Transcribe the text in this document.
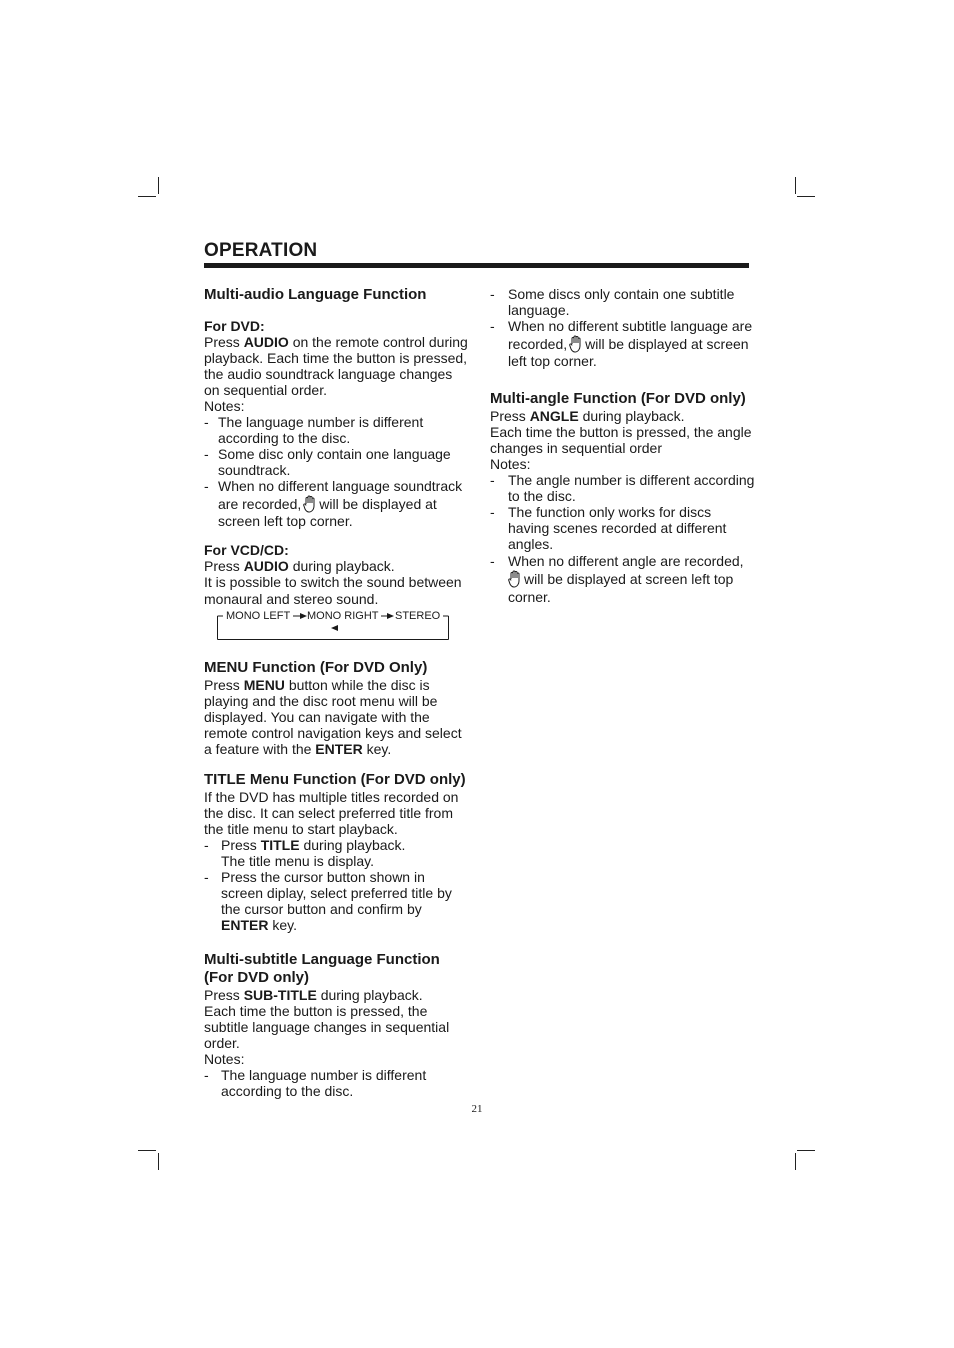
OPERATION
Multi-audio Language Function
For DVD:

Press AUDIO on the remote control during playback. Each time the button is pressed, the audio soundtrack language changes on sequential order.

Notes:
- The language number is different according to the disc.
- Some disc only contain one language soundtrack.
- When no different language soundtrack are recorded, will be displayed at screen left top corner.
For VCD/CD:

Press AUDIO during playback.

It is possible to switch the sound between monaural and stereo sound.

MONO LEFT MONO RIGHT STEREO
MENU Function (For DVD Only)

Press MENU button while the disc is playing and the disc root menu will be displayed. You can navigate with the remote control navigation keys and select a feature with the ENTER key.

TITLE Menu Function (For DVD only)

If the DVD has multiple titles recorded on the disc. It can select preferred title from the title menu to start playback.

- Press TITLE during playback.
The title menu is display.
- Press the cursor button shown in screen diplay, select preferred title by the cursor button and confirm by ENTER key.
Multi-subtitle Language Function
(For DVD only)

Press SUB-TITLE during playback.

Each time the button is pressed, the subtitle language changes in sequential order.

Notes:
- The language number is different according to the disc.
- Some discs only contain one subtitle language.
- When no different subtitle language are recorded, will be displayed at screen left top corner.
Multi-angle Function (For DVD only)

Press ANGLE during playback.

Each time the button is pressed, the angle changes in sequential order

Notes:
- The angle number is different according to the disc.
- The function only works for discs having scenes recorded at different angles.
- When no different angle are recorded,
will be displayed at screen left top corner.
21
